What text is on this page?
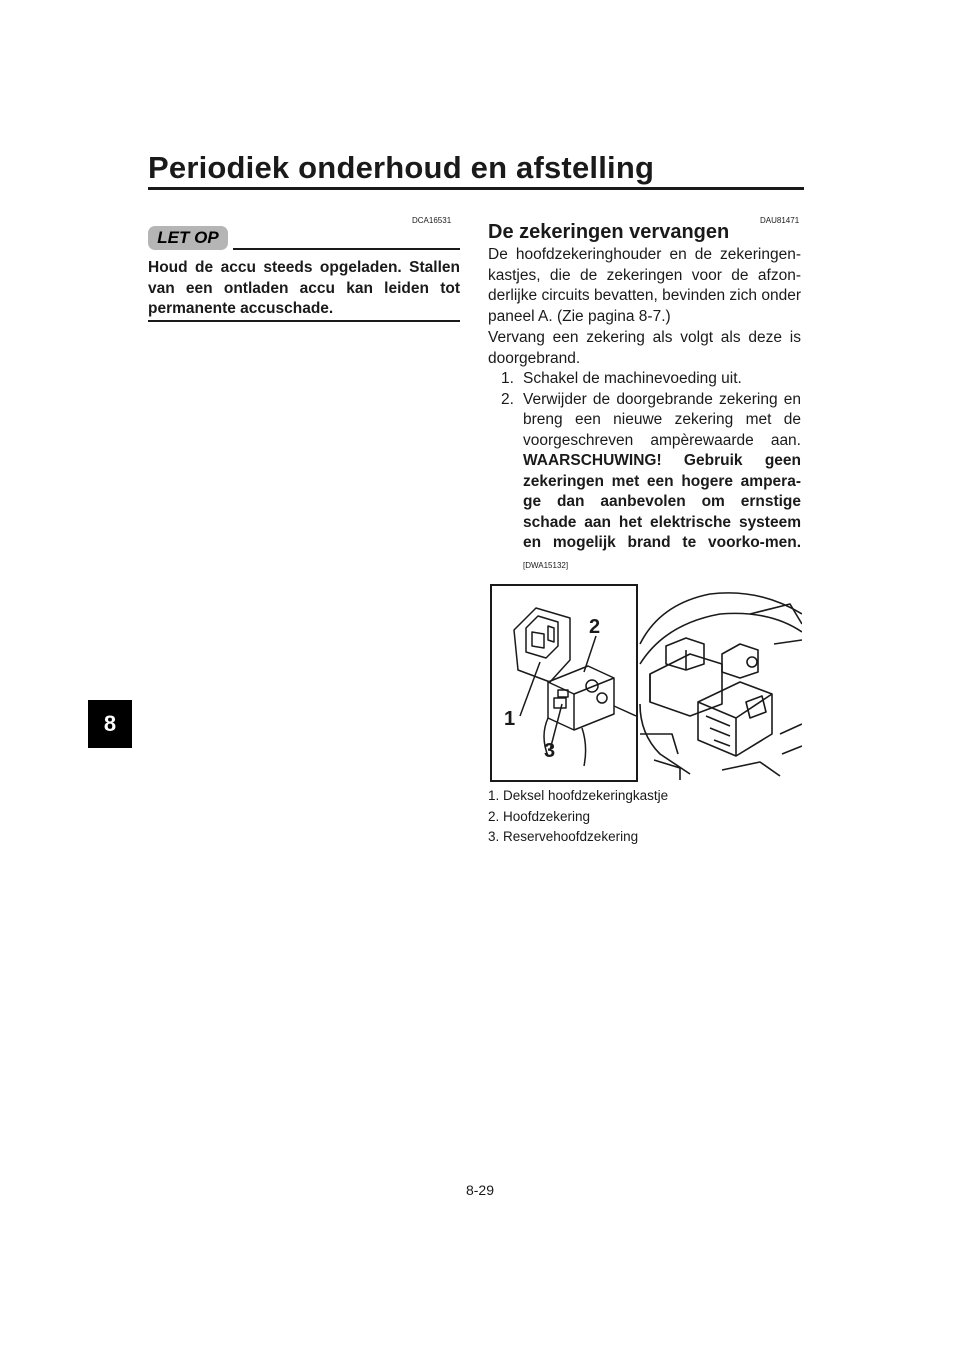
Periodiek onderhoud en afstelling
8
DCA16531
LET OP
Houd de accu steeds opgeladen. Stallen van een ontladen accu kan leiden tot permanente accuschade.
DAU81471
De zekeringen vervangen

De hoofdzekeringhouder en de zekeringen-kastjes, die de zekeringen voor de afzon-derlijke circuits bevatten, bevinden zich onder paneel A. (Zie pagina 8-7.)

Vervang een zekering als volgt als deze is doorgebrand.

1. Schakel de machinevoeding uit.
2. Verwijder de doorgebrande zekering en breng een nieuwe zekering met de voorgeschreven ampèrewaarde aan. WAARSCHUWING! Gebruik geen zekeringen met een hogere ampera-ge dan aanbevolen om ernstige schade aan het elektrische systeem en mogelijk brand te voorko-men.[DWA15132]
2
1
3
1. Deksel hoofdzekeringkastje
2. Hoofdzekering
3. Reservehoofdzekering
8-29
